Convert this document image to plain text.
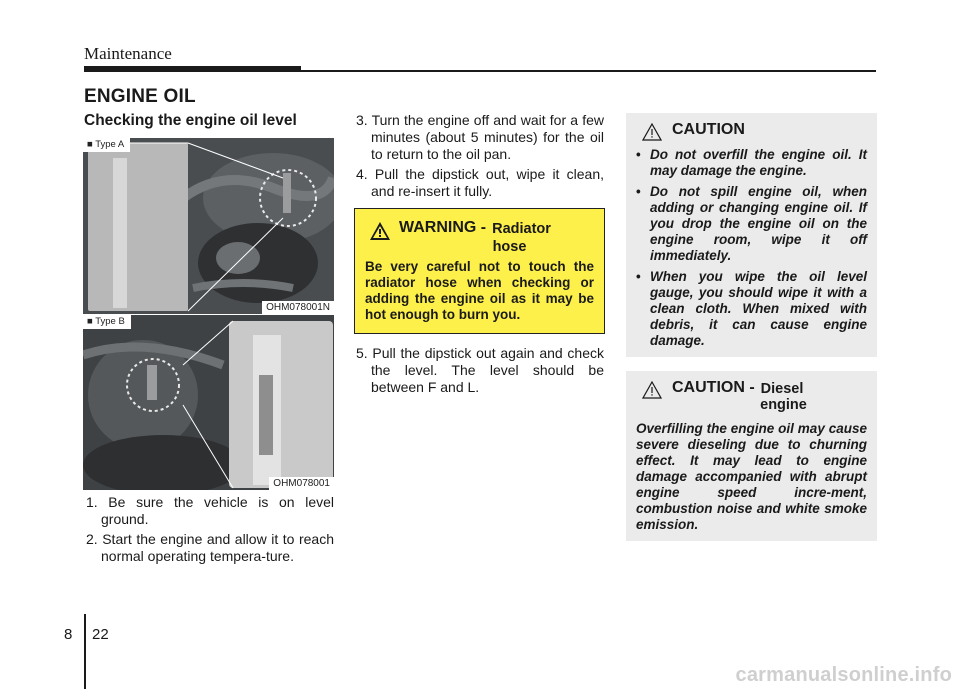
Maintenance
ENGINE OIL
Checking the engine oil level
■ Type A
OHM078001N
■ Type B
OHM078001
1. Be sure the vehicle is on level ground.
2. Start the engine and allow it to reach normal operating tempera-ture.
3. Turn the engine off and wait for a few minutes (about 5 minutes) for the oil to return to the oil pan.
4. Pull the dipstick out, wipe it clean, and re-insert it fully.
WARNING - Radiator
hose
Be very careful not to touch the radiator hose when checking or adding the engine oil as it may be hot enough to burn you.
5. Pull the dipstick out again and check the level. The level should be between F and L.
CAUTION
• Do not overfill the engine oil. It may damage the engine.
• Do not spill engine oil, when adding or changing engine oil. If you drop the engine oil on the engine room, wipe it off immediately.
• When you wipe the oil level gauge, you should wipe it with a clean cloth. When mixed with debris, it can cause engine damage.
CAUTION - Diesel
engine
Overfilling the engine oil may cause severe dieseling due to churning effect. It may lead to engine damage accompanied with abrupt engine speed incre-ment, combustion noise and white smoke emission.
8 22
carmanualsonline.info
